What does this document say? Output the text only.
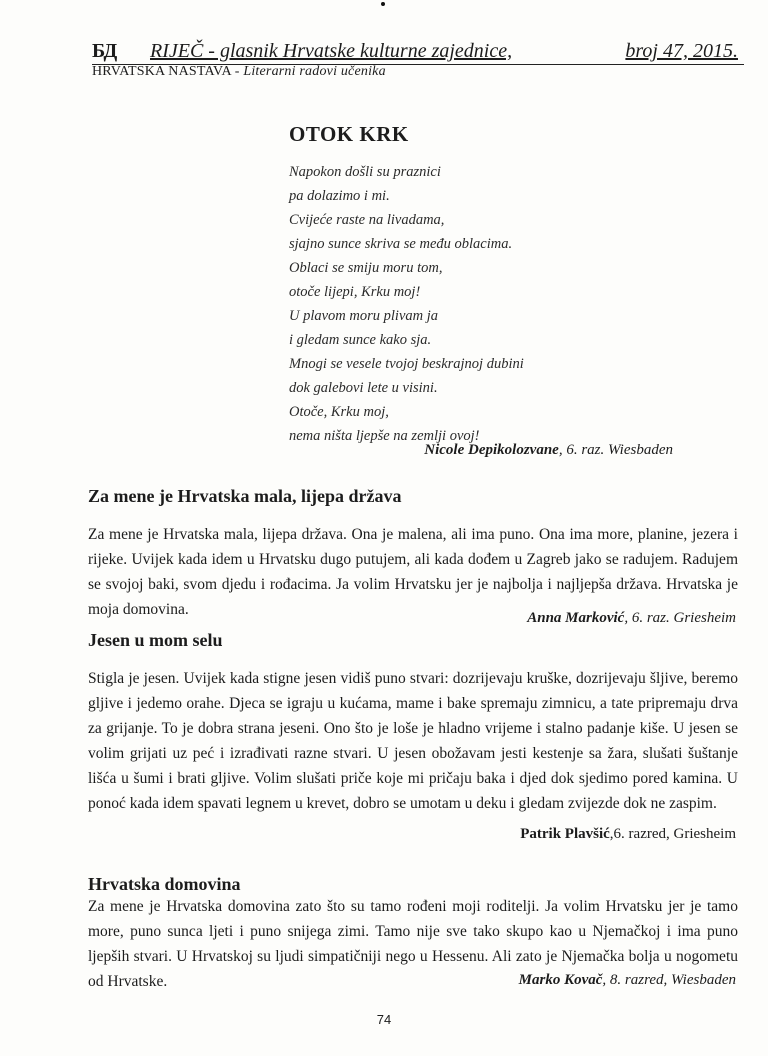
БД RIJEČ - glasnik Hrvatske kulturne zajednice,	broj 47, 2015.
HRVATSKA NASTAVA - Literarni radovi učenika
OTOK KRK
Napokon došli su praznici
pa dolazimo i mi.
Cvijeće raste na livadama,
sjajno sunce skriva se među oblacima.
Oblaci se smiju moru tom,
otoče lijepi, Krku moj!
U plavom moru plivam ja
i gledam sunce kako sja.
Mnogi se vesele tvojoj beskrajnoj dubini
dok galebovi lete u visini.
Otoče, Krku moj,
nema ništa ljepše na zemlji ovoj!
Nicole Depikolozvane, 6. raz. Wiesbaden
Za mene je Hrvatska mala, lijepa država
Za mene je Hrvatska mala, lijepa država. Ona je malena, ali ima puno. Ona ima more, planine, jezera i rijeke. Uvijek kada idem u Hrvatsku dugo putujem, ali kada dođem u Zagreb jako se radujem. Radujem se svojoj baki, svom djedu i rođacima. Ja volim Hrvatsku jer je najbolja i najljepša država. Hrvatska je moja domovina.	Anna Marković, 6. raz. Griesheim
Jesen u mom selu
Stigla je jesen. Uvijek kada stigne jesen vidiš puno stvari: dozrijevaju kruške, dozrijevaju šljive, beremo gljive i jedemo orahe. Djeca se igraju u kućama, mame i bake spremaju zimnicu, a tate pripremaju drva za grijanje. To je dobra strana jeseni. Ono što je loše je hladno vrijeme i stalno padanje kiše. U jesen se volim grijati uz peć i izrađivati razne stvari. U jesen obožavam jesti kestenje sa žara, slušati šuštanje lišća u šumi i brati gljive. Volim slušati priče koje mi pričaju baka i djed dok sjedimo pored kamina. U ponoć kada idem spavati legnem u krevet, dobro se umotam u deku i gledam zvijezde dok ne zaspim.
Patrik Plavšić,6. razred, Griesheim
Hrvatska domovina
Za mene je Hrvatska domovina zato što su tamo rođeni moji roditelji. Ja volim Hrvatsku jer je tamo more, puno sunca ljeti i puno snijega zimi. Tamo nije sve tako skupo kao u Njemačkoj i ima puno ljepših stvari. U Hrvatskoj su ljudi simpatičniji nego u Hessenu. Ali zato je Njemačka bolja u nogometu od Hrvatske.	Marko Kovač, 8. razred, Wiesbaden
74
